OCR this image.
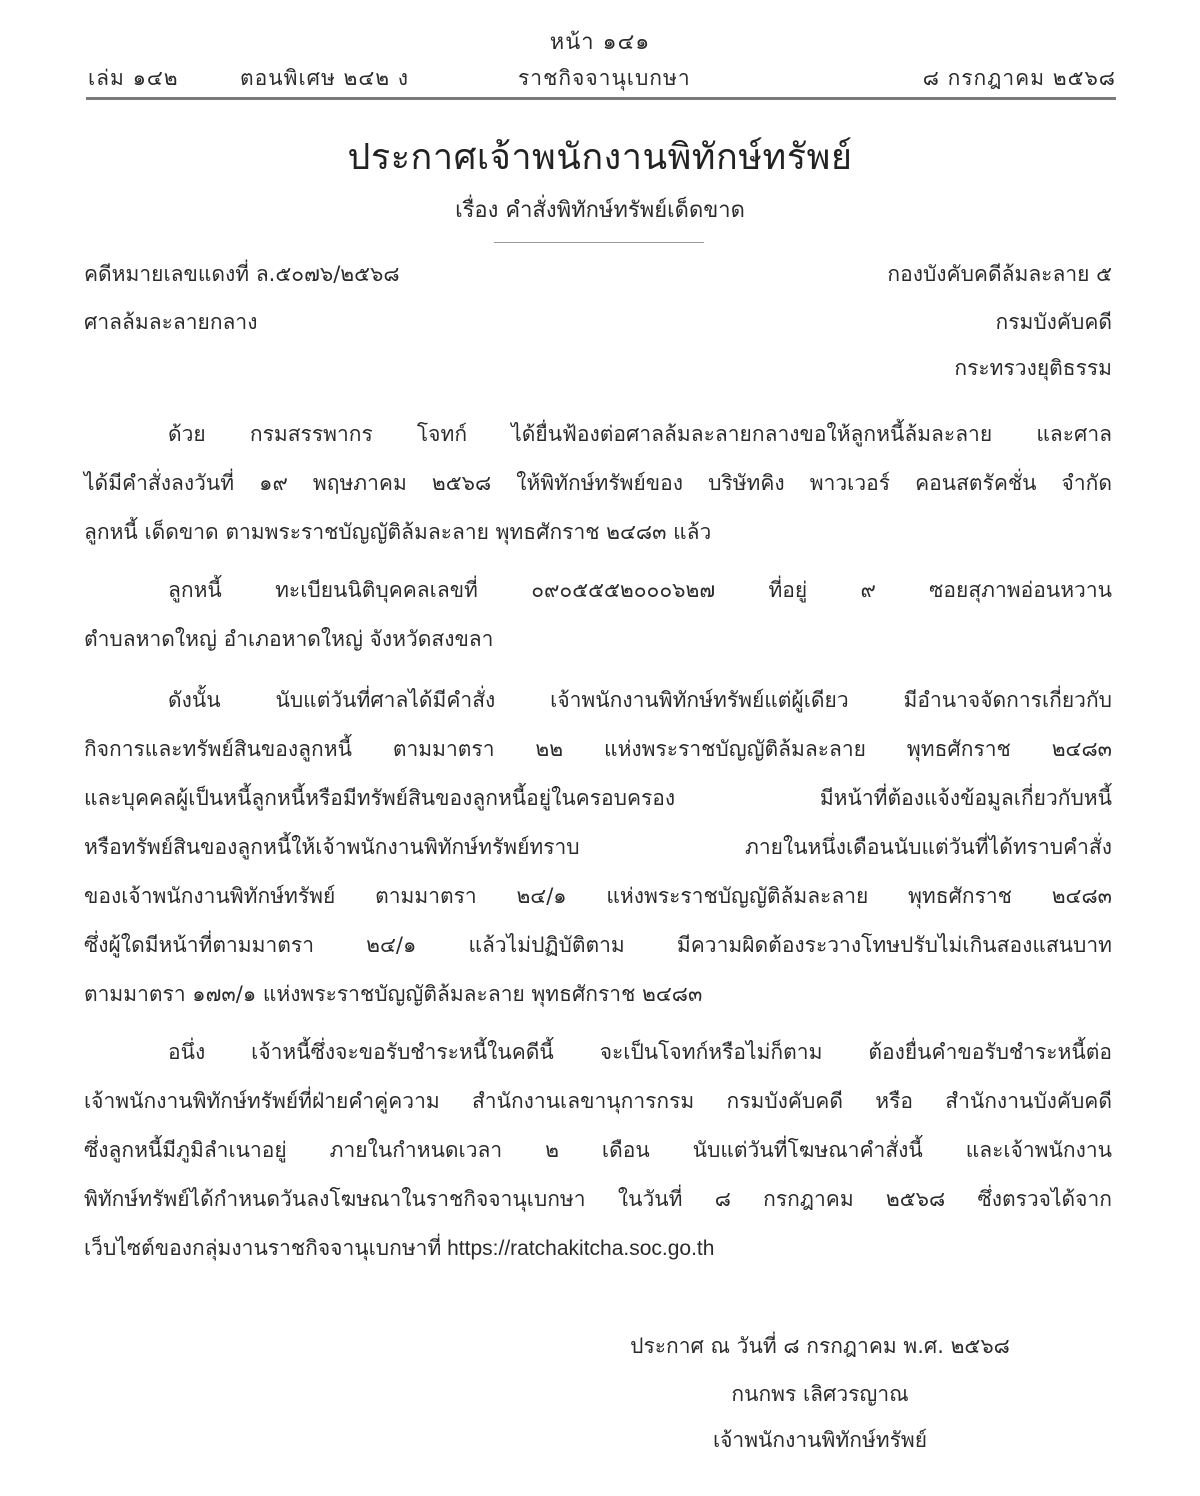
หน้า ๑๔๑
เล่ม ๑๔๒	ตอนพิเศษ ๒๔๒ ง	ราชกิจจานุเบกษา	๘ กรกฎาคม ๒๕๖๘
ประกาศเจ้าพนักงานพิทักษ์ทรัพย์
เรื่อง คำสั่งพิทักษ์ทรัพย์เด็ดขาด
คดีหมายเลขแดงที่ ล.๕๐๗๖/๒๕๖๘
ศาลล้มละลายกลาง
กองบังคับคดีล้มละลาย ๕
กรมบังคับคดี
กระทรวงยุติธรรม
ด้วย กรมสรรพากร โจทก์ ได้ยื่นฟ้องต่อศาลล้มละลายกลางขอให้ลูกหนี้ล้มละลาย และศาล
ได้มีคำสั่งลงวันที่ ๑๙ พฤษภาคม ๒๕๖๘ ให้พิทักษ์ทรัพย์ของ บริษัทคิง พาวเวอร์ คอนสตรัคชั่น จำกัด
ลูกหนี้ เด็ดขาด ตามพระราชบัญญัติล้มละลาย พุทธศักราช ๒๔๘๓ แล้ว
ลูกหนี้ ทะเบียนนิติบุคคลเลขที่ ๐๙๐๕๕๕๒๐๐๐๖๒๗ ที่อยู่ ๙ ซอยสุภาพอ่อนหวาน
ตำบลหาดใหญ่ อำเภอหาดใหญ่ จังหวัดสงขลา
ดังนั้น นับแต่วันที่ศาลได้มีคำสั่ง เจ้าพนักงานพิทักษ์ทรัพย์แต่ผู้เดียว มีอำนาจจัดการเกี่ยวกับ
กิจการและทรัพย์สินของลูกหนี้ ตามมาตรา ๒๒ แห่งพระราชบัญญัติล้มละลาย พุทธศักราช ๒๔๘๓
และบุคคลผู้เป็นหนี้ลูกหนี้หรือมีทรัพย์สินของลูกหนี้อยู่ในครอบครอง มีหน้าที่ต้องแจ้งข้อมูลเกี่ยวกับหนี้
หรือทรัพย์สินของลูกหนี้ให้เจ้าพนักงานพิทักษ์ทรัพย์ทราบ ภายในหนึ่งเดือนนับแต่วันที่ได้ทราบคำสั่ง
ของเจ้าพนักงานพิทักษ์ทรัพย์ ตามมาตรา ๒๔/๑ แห่งพระราชบัญญัติล้มละลาย พุทธศักราช ๒๔๘๓
ซึ่งผู้ใดมีหน้าที่ตามมาตรา ๒๔/๑ แล้วไม่ปฏิบัติตาม มีความผิดต้องระวางโทษปรับไม่เกินสองแสนบาท
ตามมาตรา ๑๗๓/๑ แห่งพระราชบัญญัติล้มละลาย พุทธศักราช ๒๔๘๓
อนึ่ง เจ้าหนี้ซึ่งจะขอรับชำระหนี้ในคดีนี้ จะเป็นโจทก์หรือไม่ก็ตาม ต้องยื่นคำขอรับชำระหนี้ต่อ
เจ้าพนักงานพิทักษ์ทรัพย์ที่ฝ่ายคำคู่ความ สำนักงานเลขานุการกรม กรมบังคับคดี หรือ สำนักงานบังคับคดี
ซึ่งลูกหนี้มีภูมิลำเนาอยู่ ภายในกำหนดเวลา ๒ เดือน นับแต่วันที่โฆษณาคำสั่งนี้ และเจ้าพนักงาน
พิทักษ์ทรัพย์ได้กำหนดวันลงโฆษณาในราชกิจจานุเบกษา ในวันที่ ๘ กรกฎาคม ๒๕๖๘ ซึ่งตรวจได้จาก
เว็บไซต์ของกลุ่มงานราชกิจจานุเบกษาที่ https://ratchakitcha.soc.go.th
ประกาศ ณ วันที่ ๘ กรกฎาคม พ.ศ. ๒๕๖๘
กนกพร เลิศวรญาณ
เจ้าพนักงานพิทักษ์ทรัพย์
